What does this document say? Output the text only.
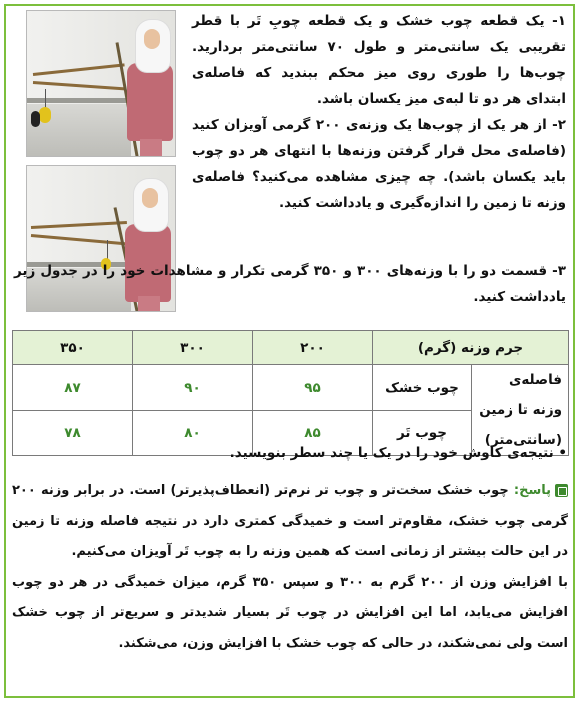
۱- یک قطعه چوب خشک و یک قطعه چوبِ تَر با قطر تقریبی یک سانتی‌متر و طول ۷۰ سانتی‌متر بردارید. چوب‌ها را طوری روی میز محکم ببندید که فاصله‌ی ابتدای هر دو تا لبه‌ی میز یکسان باشد.
۲- از هر یک از چوب‌ها یک وزنه‌ی ۲۰۰ گرمی آویزان کنید (فاصله‌ی محل قرار گرفتن وزنه‌ها با انتهای هر دو چوب باید یکسان باشد). چه چیزی مشاهده می‌کنید؟ فاصله‌ی وزنه تا زمین را اندازه‌گیری و یادداشت کنید.
۳- قسمت دو را با وزنه‌های ۳۰۰ و ۳۵۰ گرمی تکرار و مشاهدات خود را در جدول زیر یادداشت کنید.
جرم وزنه (گرم)		۲۰۰	۳۰۰	۳۵۰
فاصله‌ی وزنه تا زمین (سانتی‌متر)	چوب خشک	۹۵	۹۰	۸۷
	چوب تَر	۸۵	۸۰	۷۸
• نتیجه‌ی کاوش خود را در یک یا چند سطر بنویسید.
پاسخ: چوب خشک سخت‌تر و چوب تر نرم‌تر (انعطاف‌پذیرتر) است. در برابر وزنه ۲۰۰ گرمی چوب خشک، مقاوم‌تر است و خمیدگی کمتری دارد در نتیجه فاصله وزنه تا زمین در این حالت بیشتر از زمانی است که همین وزنه را به چوب تَر آویزان می‌کنیم.
با افزایش وزن از ۲۰۰ گرم به ۳۰۰ و سپس ۳۵۰ گرم، میزان خمیدگی در هر دو چوب افزایش می‌یابد، اما این افزایش در چوب تَر بسیار شدیدتر و سریع‌تر از چوب خشک است ولی نمی‌شکند، در حالی که چوب خشک با افزایش وزن، می‌شکند.
